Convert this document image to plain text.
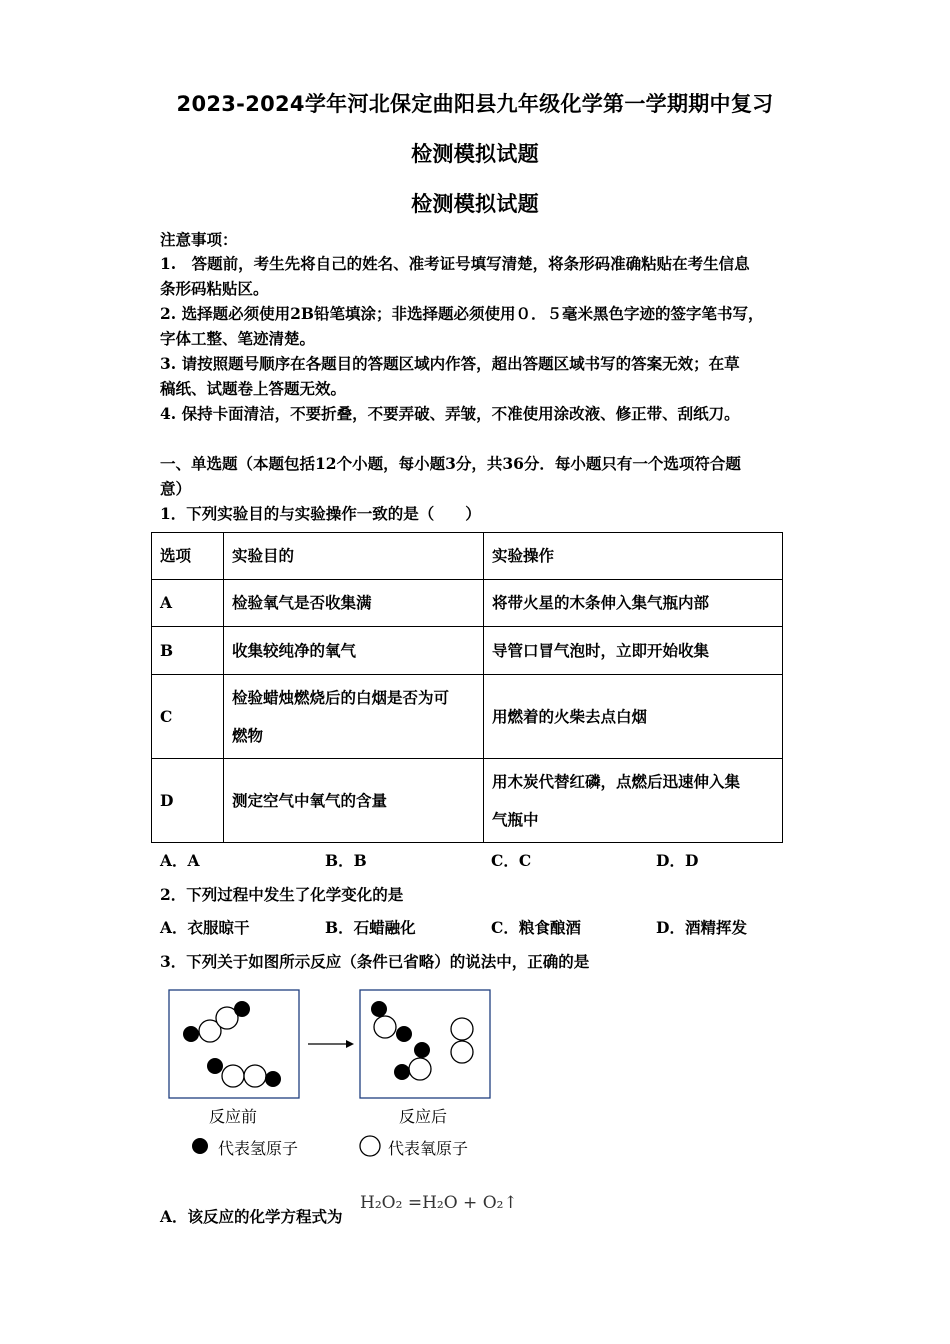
2023-2024学年河北保定曲阳县九年级化学第一学期期中复习
检测模拟试题
检测模拟试题
注意事项：
1.　答题前，考生先将自己的姓名、准考证号填写清楚，将条形码准确粘贴在考生信息
条形码粘贴区。
2. 选择题必须使用2B铅笔填涂；非选择题必须使用０．５毫米黑色字迹的签字笔书写，
字体工整、笔迹清楚。
3. 请按照题号顺序在各题目的答题区域内作答，超出答题区域书写的答案无效；在草
稿纸、试题卷上答题无效。
4. 保持卡面清洁，不要折叠，不要弄破、弄皱，不准使用涂改液、修正带、刮纸刀。
一、单选题（本题包括12个小题，每小题3分，共36分．每小题只有一个选项符合题
意）
1．下列实验目的与实验操作一致的是（　　）
选项	实验目的	实验操作
A	检验氧气是否收集满	将带火星的木条伸入集气瓶内部
B	收集较纯净的氧气	导管口冒气泡时，立即开始收集
C	检验蜡烛燃烧后的白烟是否为可
燃物	用燃着的火柴去点白烟
D	测定空气中氧气的含量	用木炭代替红磷，点燃后迅速伸入集
气瓶中
A．A	B．B	C．C	D．D
2．下列过程中发生了化学变化的是
A．衣服晾干	B．石蜡融化	C．粮食酿酒	D．酒精挥发
3．下列关于如图所示反应（条件已省略）的说法中，正确的是
反应前	反应后
代表氢原子	代表氧原子
A．该反应的化学方程式为
H₂O₂ =H₂O + O₂↑
